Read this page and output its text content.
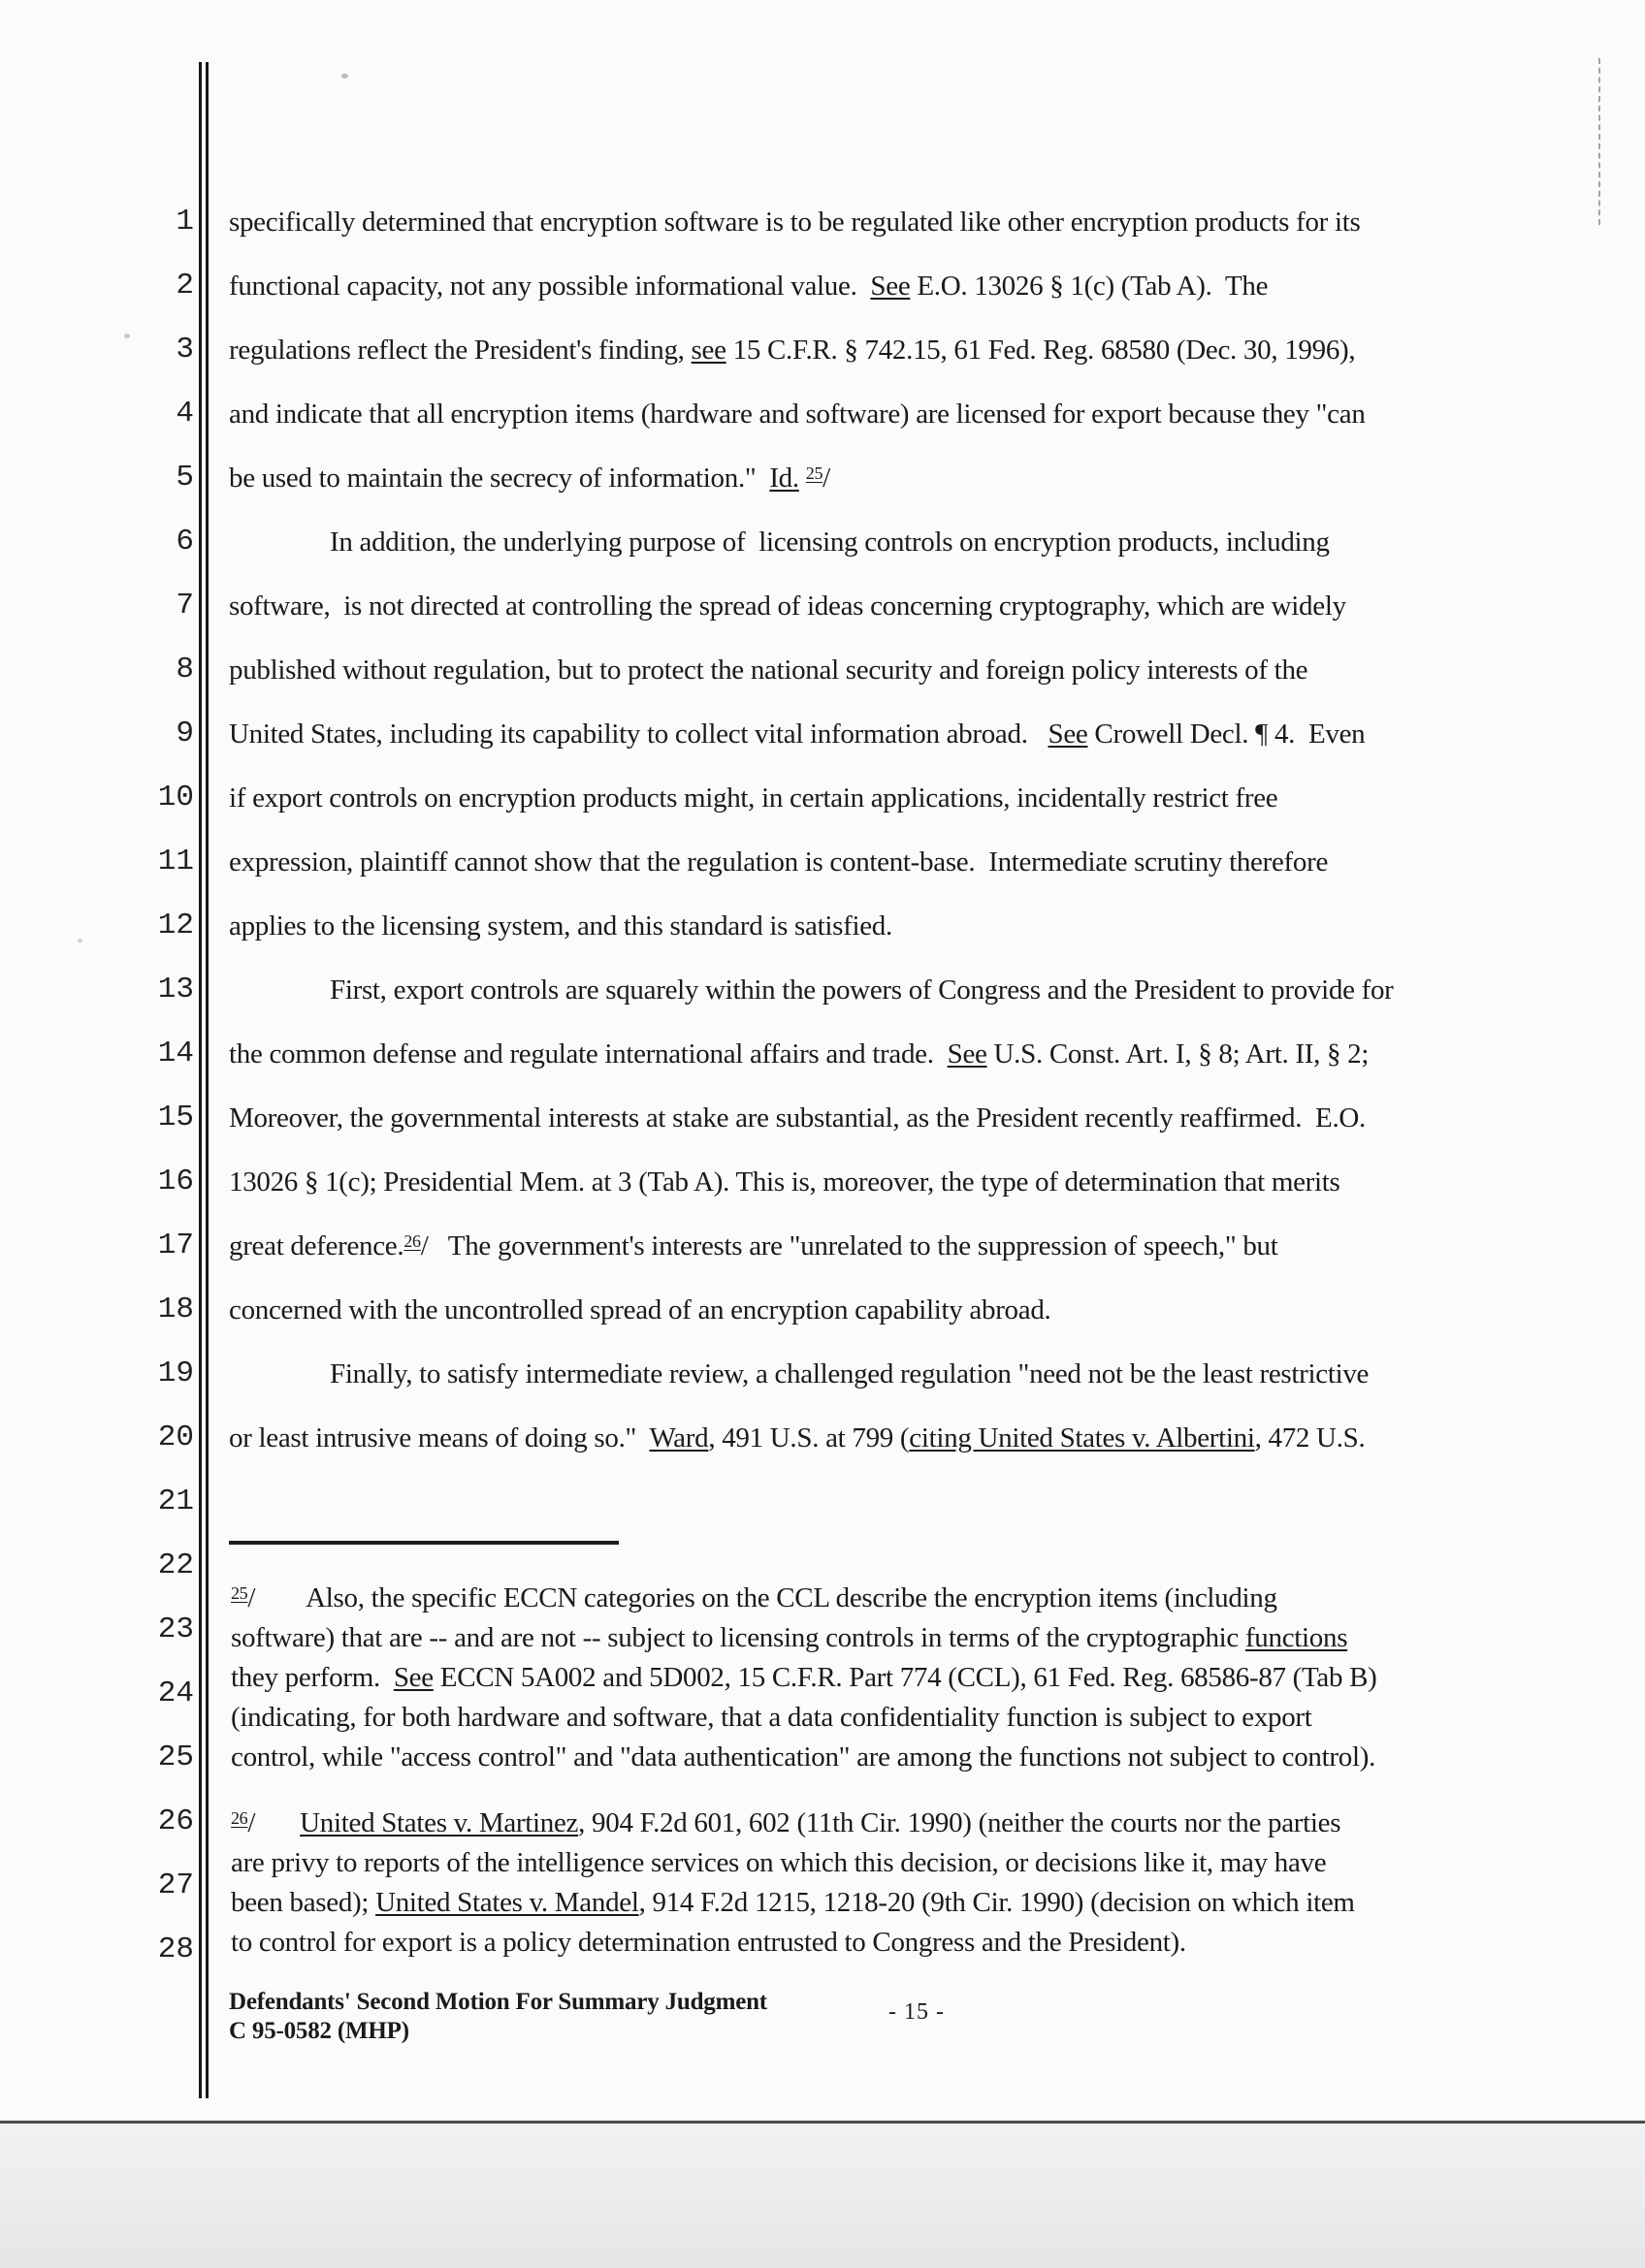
1
2
3
4
5
6
7
8
9
10
11
12
13
14
15
16
17
18
19
20
21
22
23
24
25
26
27
28
specifically determined that encryption software is to be regulated like other encryption products for its
functional capacity, not any possible informational value.  See E.O. 13026 § 1(c) (Tab A).  The
regulations reflect the President's finding, see 15 C.F.R. § 742.15, 61 Fed. Reg. 68580 (Dec. 30, 1996),
and indicate that all encryption items (hardware and software) are licensed for export because they "can
be used to maintain the secrecy of information."  Id. $^{25}$/
In addition, the underlying purpose of  licensing controls on encryption products, including
software,  is not directed at controlling the spread of ideas concerning cryptography, which are widely
published without regulation, but to protect the national security and foreign policy interests of the
United States, including its capability to collect vital information abroad.   See Crowell Decl. ¶ 4.  Even
if export controls on encryption products might, in certain applications, incidentally restrict free
expression, plaintiff cannot show that the regulation is content-base.  Intermediate scrutiny therefore
applies to the licensing system, and this standard is satisfied.
First, export controls are squarely within the powers of Congress and the President to provide for
the common defense and regulate international affairs and trade.  See U.S. Const. Art. I, § 8; Art. II, § 2;
Moreover, the governmental interests at stake are substantial, as the President recently reaffirmed.  E.O.
13026 § 1(c); Presidential Mem. at 3 (Tab A). This is, moreover, the type of determination that merits
great deference.$^{26}$/   The government's interests are "unrelated to the suppression of speech," but
concerned with the uncontrolled spread of an encryption capability abroad.
Finally, to satisfy intermediate review, a challenged regulation "need not be the least restrictive
or least intrusive means of doing so."  Ward, 491 U.S. at 799 (citing United States v. Albertini, 472 U.S.
$^{25}$/ Also, the specific ECCN categories on the CCL describe the encryption items (including
software) that are -- and are not -- subject to licensing controls in terms of the cryptographic functions
they perform.  See ECCN 5A002 and 5D002, 15 C.F.R. Part 774 (CCL), 61 Fed. Reg. 68586-87 (Tab B)
(indicating, for both hardware and software, that a data confidentiality function is subject to export
control, while "access control" and "data authentication" are among the functions not subject to control).
$^{26}$/ United States v. Martinez, 904 F.2d 601, 602 (11th Cir. 1990) (neither the courts nor the parties
are privy to reports of the intelligence services on which this decision, or decisions like it, may have
been based); United States v. Mandel, 914 F.2d 1215, 1218-20 (9th Cir. 1990) (decision on which item
to control for export is a policy determination entrusted to Congress and the President).
Defendants' Second Motion For Summary Judgment
C 95-0582 (MHP)
- 15 -
